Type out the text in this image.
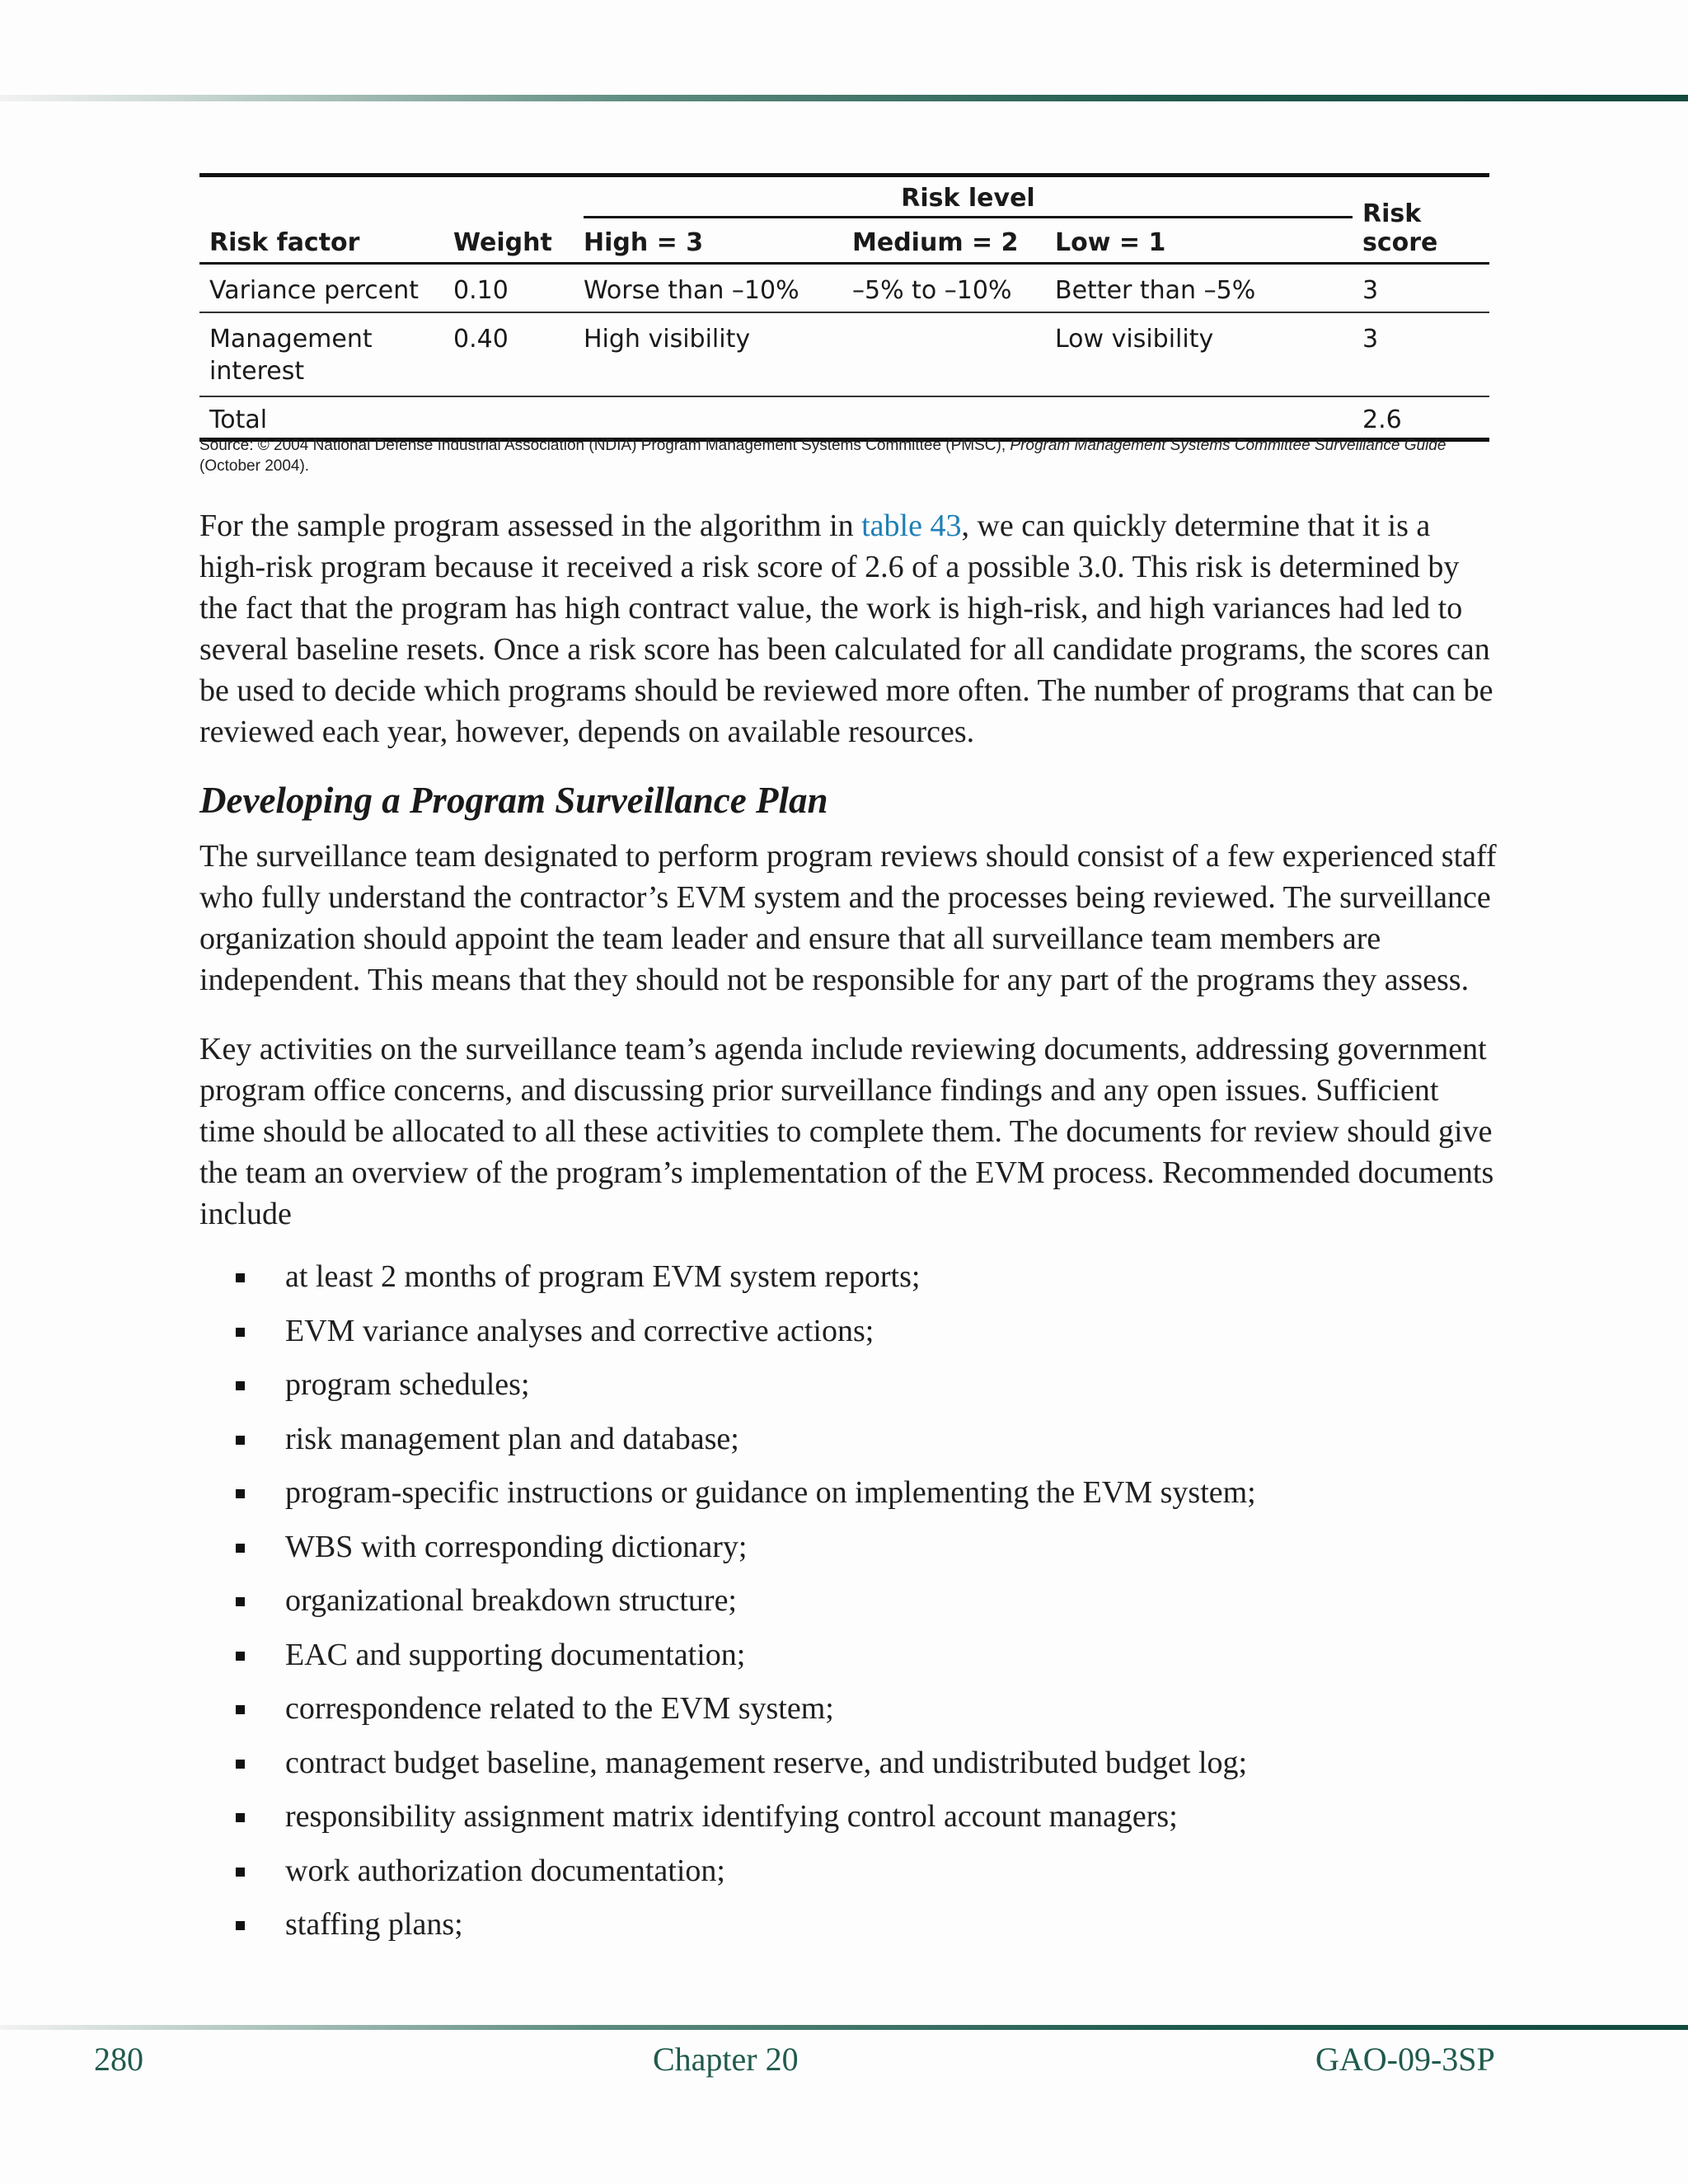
Risk factor	Weight	Risk level			Risk
score
		High = 3	Medium = 2	Low = 1	
Variance percent	0.10	Worse than –10%	–5% to –10%	Better than –5%	3
Management interest	0.40	High visibility		Low visibility	3
Total					2.6
Source: © 2004 National Defense Industrial Association (NDIA) Program Management Systems Committee (PMSC), Program Management Systems Committee Surveillance Guide (October 2004).

For the sample program assessed in the algorithm in table 43, we can quickly determine that it is a high-risk program because it received a risk score of 2.6 of a possible 3.0. This risk is determined by the fact that the program has high contract value, the work is high-risk, and high variances had led to several baseline resets. Once a risk score has been calculated for all candidate programs, the scores can be used to decide which programs should be reviewed more often. The number of programs that can be reviewed each year, however, depends on available resources.

Developing a Program Surveillance Plan

The surveillance team designated to perform program reviews should consist of a few experienced staff who fully understand the contractor’s EVM system and the processes being reviewed. The surveillance organization should appoint the team leader and ensure that all surveillance team members are independent. This means that they should not be responsible for any part of the programs they assess.

Key activities on the surveillance team’s agenda include reviewing documents, addressing government program office concerns, and discussing prior surveillance findings and any open issues. Sufficient time should be allocated to all these activities to complete them. The documents for review should give the team an overview of the program’s implementation of the EVM process. Recommended documents include

at least 2 months of program EVM system reports;
EVM variance analyses and corrective actions;
program schedules;
risk management plan and database;
program-specific instructions or guidance on implementing the EVM system;
WBS with corresponding dictionary;
organizational breakdown structure;
EAC and supporting documentation;
correspondence related to the EVM system;
contract budget baseline, management reserve, and undistributed budget log;
responsibility assignment matrix identifying control account managers;
work authorization documentation;
staffing plans;
280	Chapter 20	GAO-09-3SP
